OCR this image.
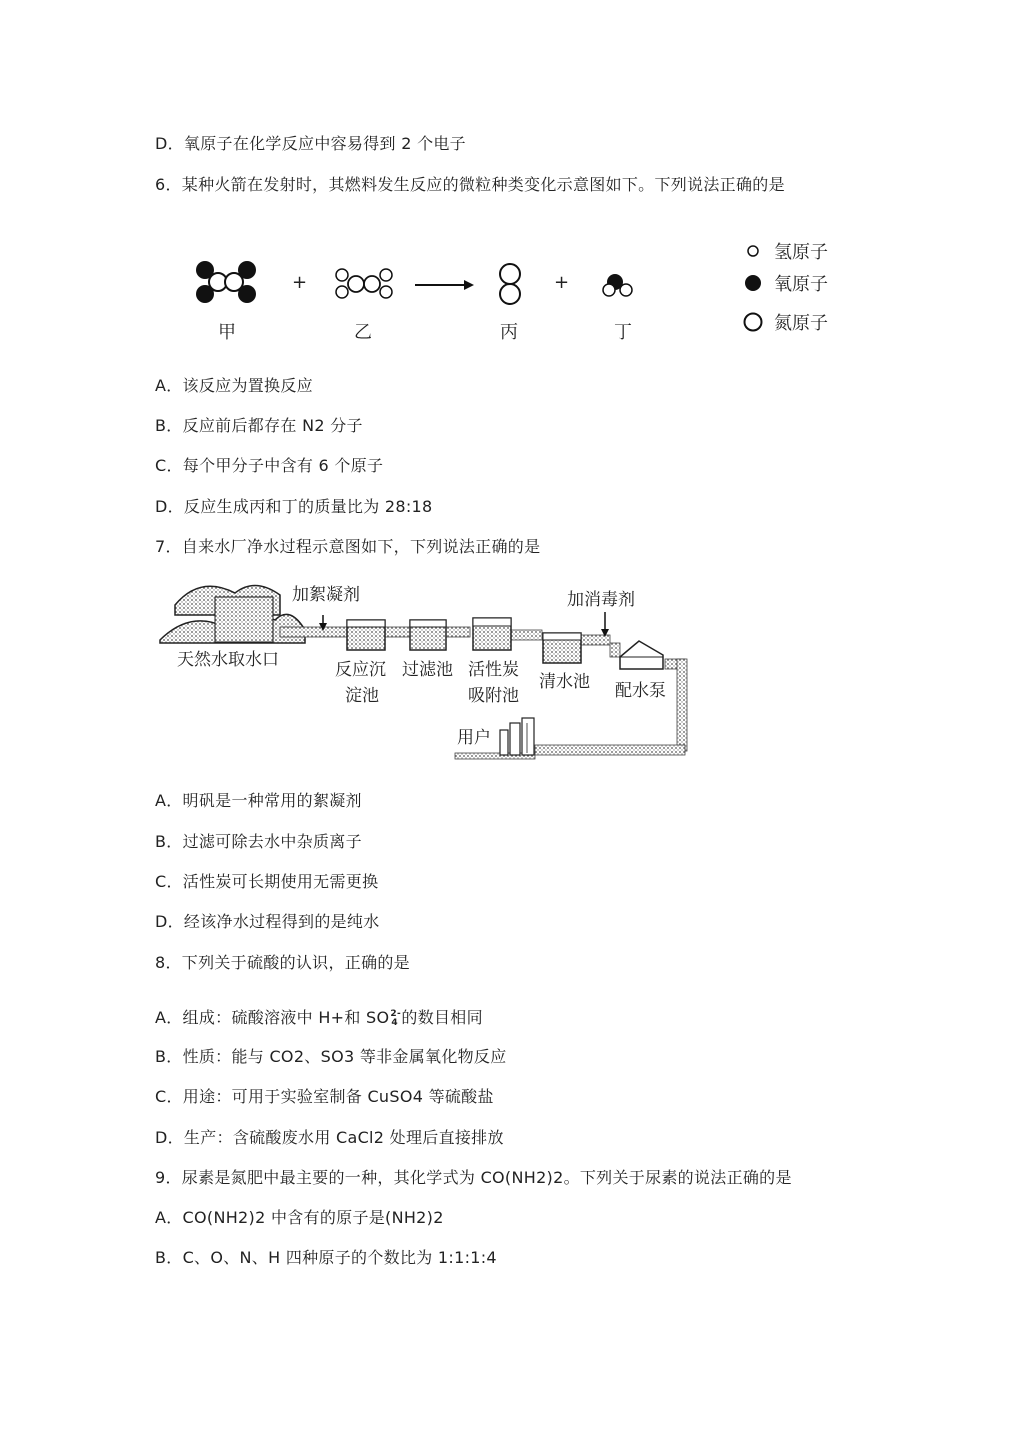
D．氧原子在化学反应中容易得到 2 个电子
6．某种火箭在发射时，其燃料发生反应的微粒种类变化示意图如下。下列说法正确的是
+	+
甲	乙	丙	丁
氢原子
氧原子
氮原子
A．该反应为置换反应
B．反应前后都存在 N2 分子
C．每个甲分子中含有 6 个原子
D．反应生成丙和丁的质量比为 28:18
7．自来水厂净水过程示意图如下，下列说法正确的是
加絮凝剂
天然水取水口	反应沉
淀池
过滤池 活性炭
吸附池
清水池
加消毒剂
配水泵
用户
A．明矾是一种常用的絮凝剂
B．过滤可除去水中杂质离子
C．活性炭可长期使用无需更换
D．经该净水过程得到的是纯水
8．下列关于硫酸的认识，正确的是
A．组成：硫酸溶液中 H+和 SO 2-
4 的数目相同
B．性质：能与 CO2、SO3 等非金属氧化物反应
C．用途：可用于实验室制备 CuSO4 等硫酸盐
D．生产：含硫酸废水用 CaCl2 处理后直接排放
9．尿素是氮肥中最主要的一种，其化学式为 CO(NH2)2。下列关于尿素的说法正确的是
A．CO(NH2)2 中含有的原子是(NH2)2
B．C、O、N、H 四种原子的个数比为 1:1:1:4
